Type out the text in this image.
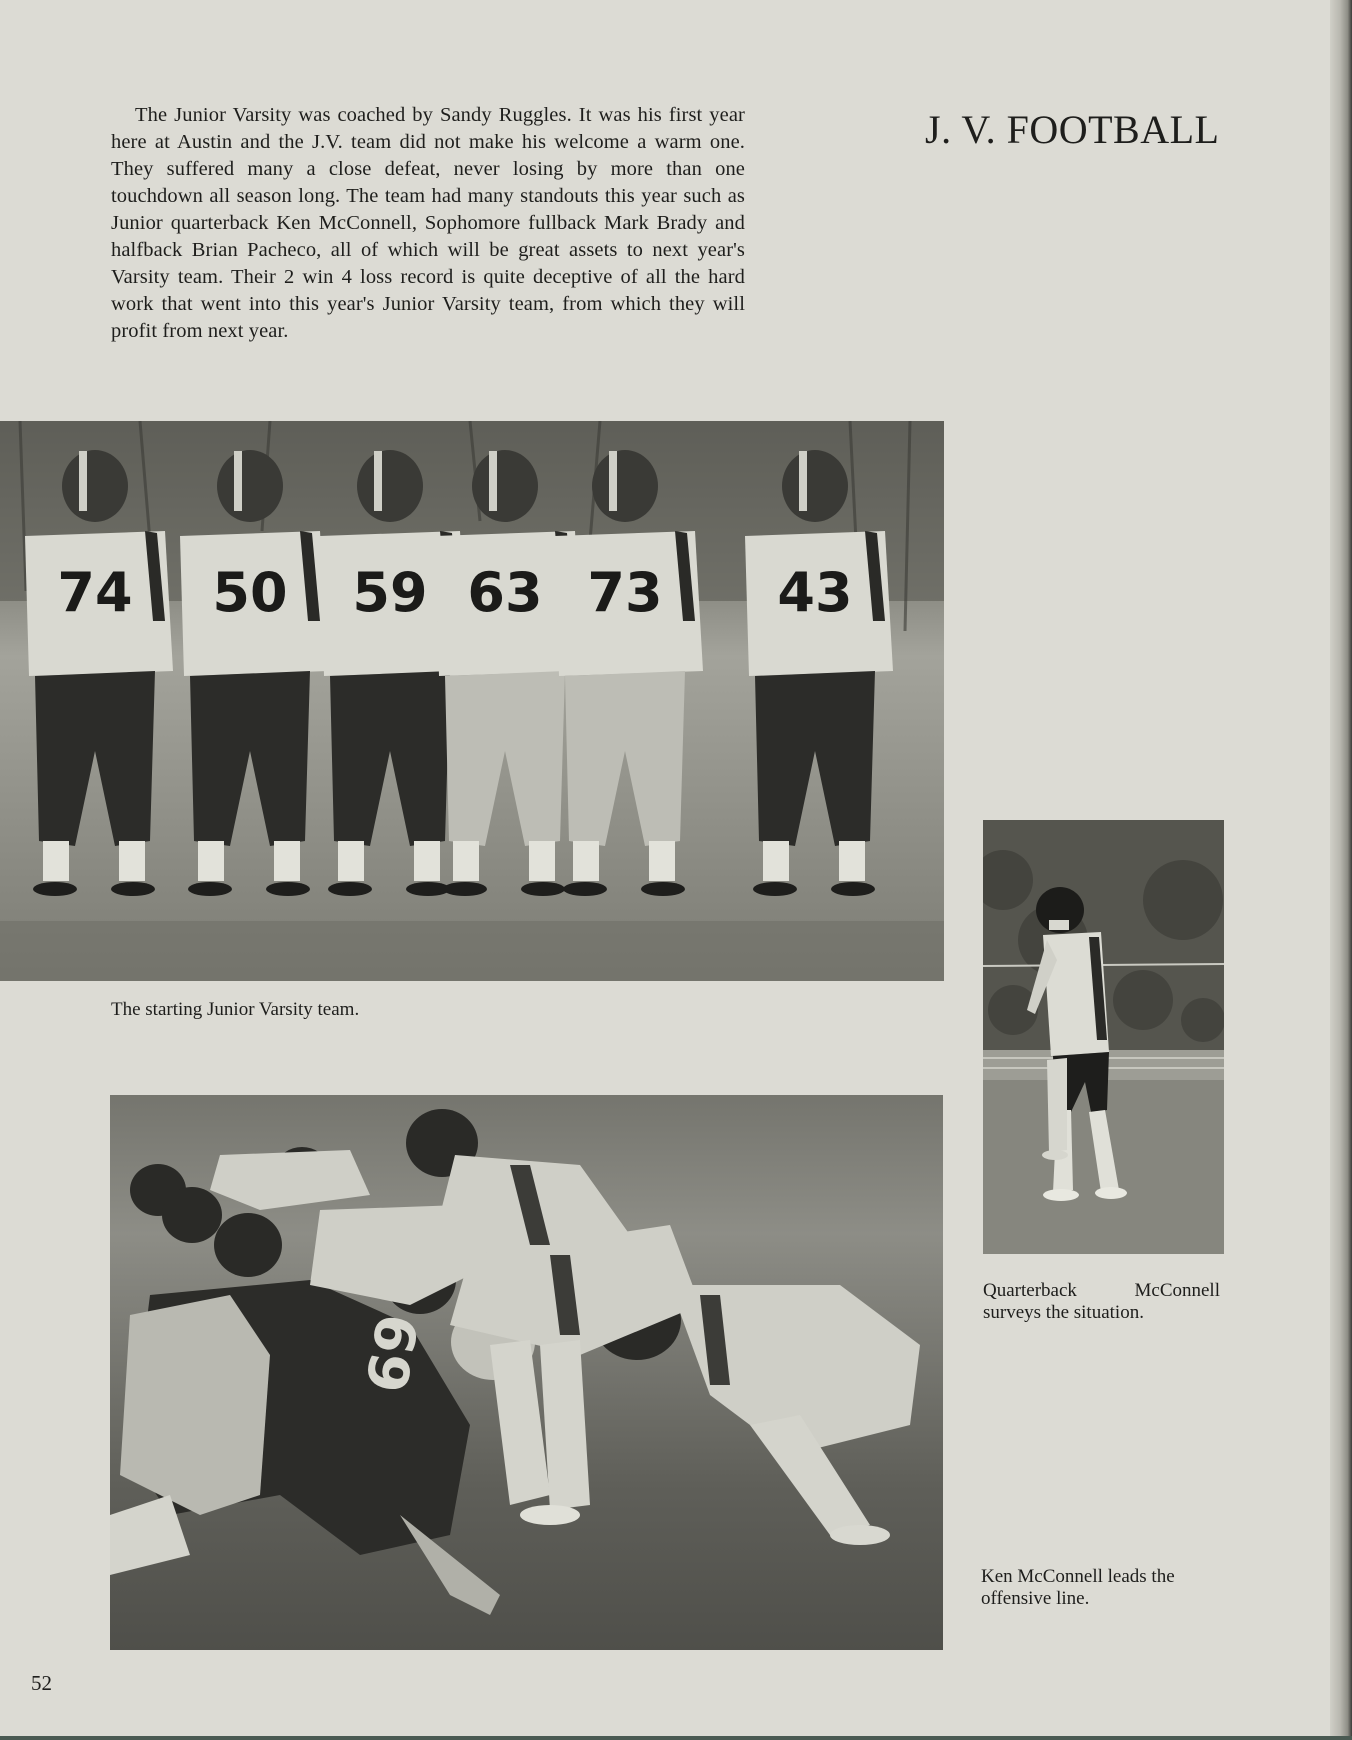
The Junior Varsity was coached by Sandy Ruggles. It was his first year here at Austin and the J.V. team did not make his welcome a warm one. They suffered many a close defeat, never losing by more than one touchdown all season long. The team had many standouts this year such as Junior quarterback Ken McConnell, Sophomore fullback Mark Brady and halfback Brian Pacheco, all of which will be great assets to next year's Varsity team. Their 2 win 4 loss record is quite deceptive of all the hard work that went into this year's Junior Varsity team, from which they will profit from next year.

J. V. FOOTBALL
74 50 59 63 73 43

The starting Junior Varsity team.

Quarterback McConnell
surveys the situation.

69

Ken McConnell leads the offensive line.

52
